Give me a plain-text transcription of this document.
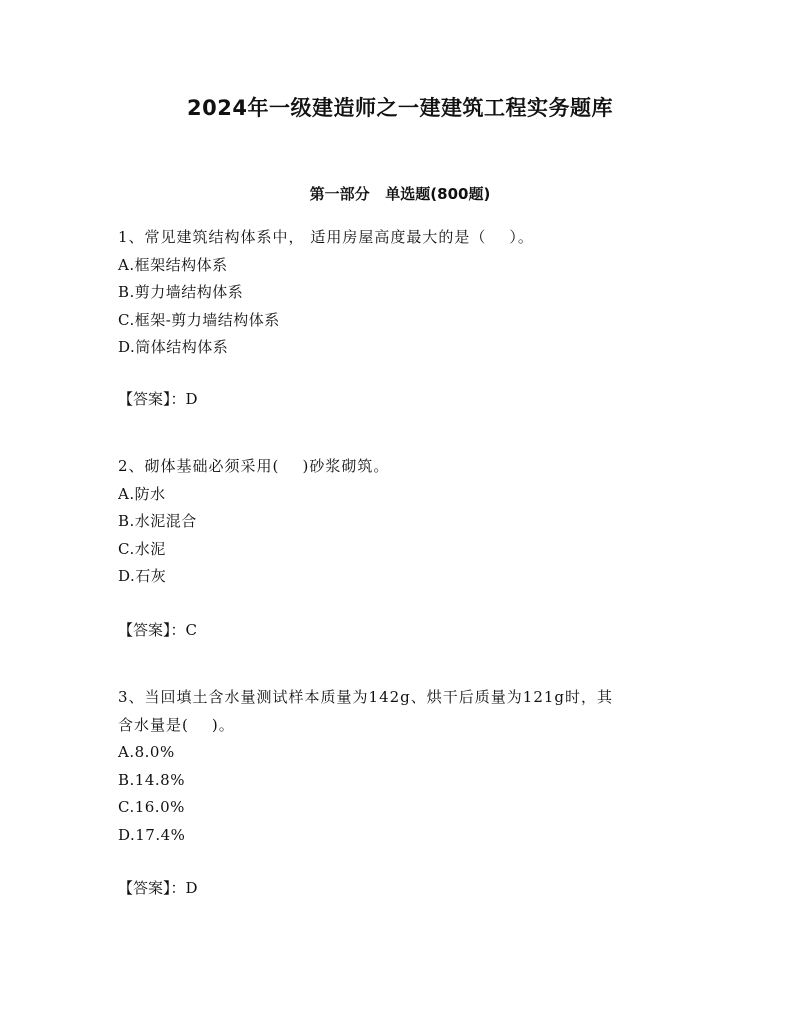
2024年一级建造师之一建建筑工程实务题库
第一部分   单选题(800题)
1、常见建筑结构体系中， 适用房屋高度最大的是（    ）。
A.框架结构体系
B.剪力墙结构体系
C.框架-剪力墙结构体系
D.筒体结构体系
【答案】：D
2、砌体基础必须采用(    )砂浆砌筑。
A.防水
B.水泥混合
C.水泥
D.石灰
【答案】：C
3、当回填土含水量测试样本质量为142g、烘干后质量为121g时，其
含水量是(    )。
A.8.0%
B.14.8%
C.16.0%
D.17.4%
【答案】：D
